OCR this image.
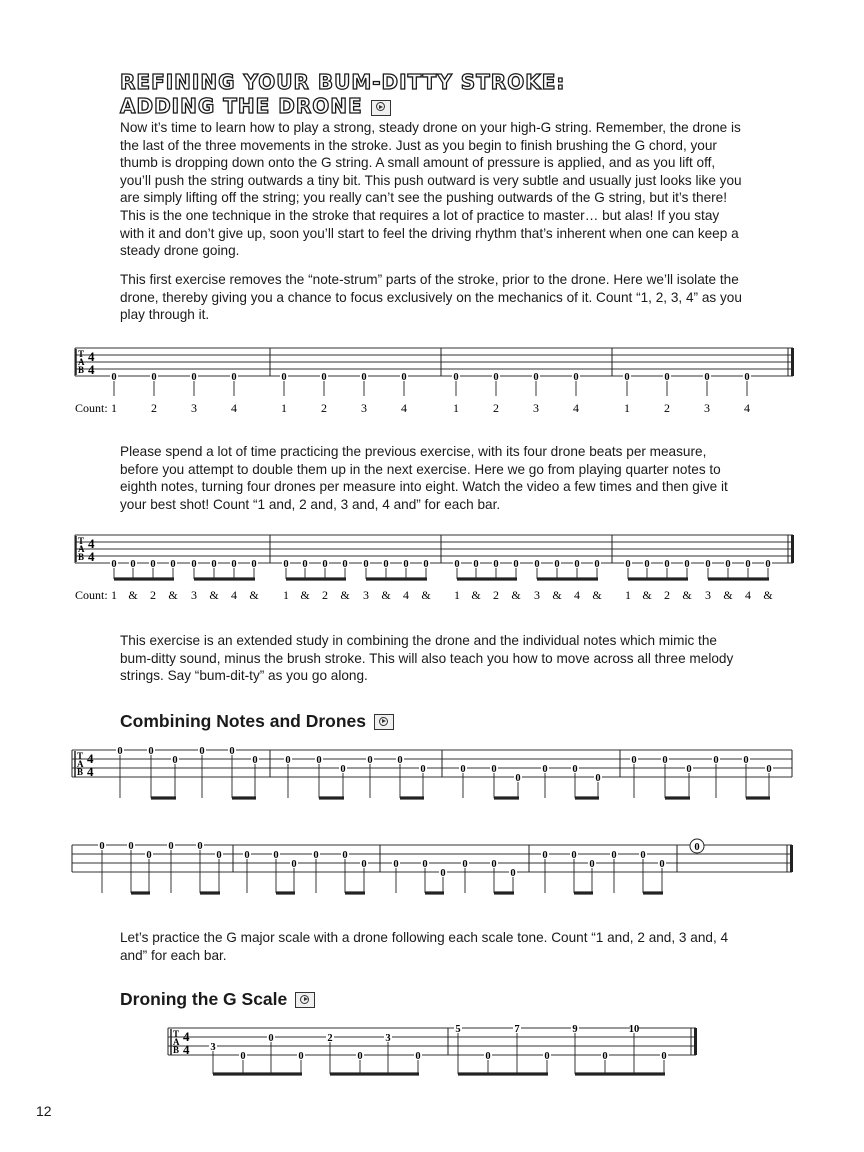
REFINING YOUR BUM-DITTY STROKE:
ADDING THE DRONE

Now it’s time to learn how to play a strong, steady drone on your high-G string. Remember, the drone is the last of the three movements in the stroke. Just as you begin to finish brushing the G chord, your thumb is dropping down onto the G string. A small amount of pressure is applied, and as you lift off, you’ll push the string outwards a tiny bit. This push outward is very subtle and usually just looks like you are simply lifting off the string; you really can’t see the pushing outwards of the G string, but it’s there! This is the one technique in the stroke that requires a lot of practice to master… but alas! If you stay with it and don’t give up, soon you’ll start to feel the driving rhythm that’s inherent when one can keep a steady drone going.

This first exercise removes the “note-strum” parts of the stroke, prior to the drone. Here we’ll isolate the drone, thereby giving you a chance to focus exclusively on the mechanics of it. Count “1, 2, 3, 4” as you play through it.

T
A
B
4
4
0	0	0	0	0	0	0	0	0	0	0	0	0	0	0	0
Count: 1	2	3	4	1	2	3	4	1	2	3	4	1	2	3	4

Please spend a lot of time practicing the previous exercise, with its four drone beats per measure, before you attempt to double them up in the next exercise. Here we go from playing quarter notes to eighth notes, turning four drones per measure into eight. Watch the video a few times and then give it your best shot! Count “1 and, 2 and, 3 and, 4 and” for each bar.

T
A
B
4
4
0 0 0 0 0 0 0 0	0 0 0 0 0 0 0 0 0 0 0 0 0 0 0 0 0 0 0 0 0 0 0 0
Count: 1 & 2 & 3 & 4 & 1 & 2 & 3 & 4 & 1 & 2 & 3 & 4 & 1 & 2 & 3 & 4 &

This exercise is an extended study in combining the drone and the individual notes which mimic the bum-ditty sound, minus the brush stroke. This will also teach you how to move across all three melody strings. Say “bum-dit-ty” as you go along.

Combining Notes and Drones
T
A
B
4
4
0 0
0
0 0
0	0 0
0
0 0
0	0 0
0
0 0
0
0 0
0
0 0
0
0 0
0
0 0
0 0 0
0
0 0
0	0 0
0
0 0
0
0 0
0
0 0
0
0

Let’s practice the G major scale with a drone following each scale tone. Count “1 and, 2 and, 3 and, 4 and” for each bar.

Droning the G Scale
T
A
B
4
4 3
0
0
0
2
0
3
0
5
0
7
0
9
0
10
0

12
